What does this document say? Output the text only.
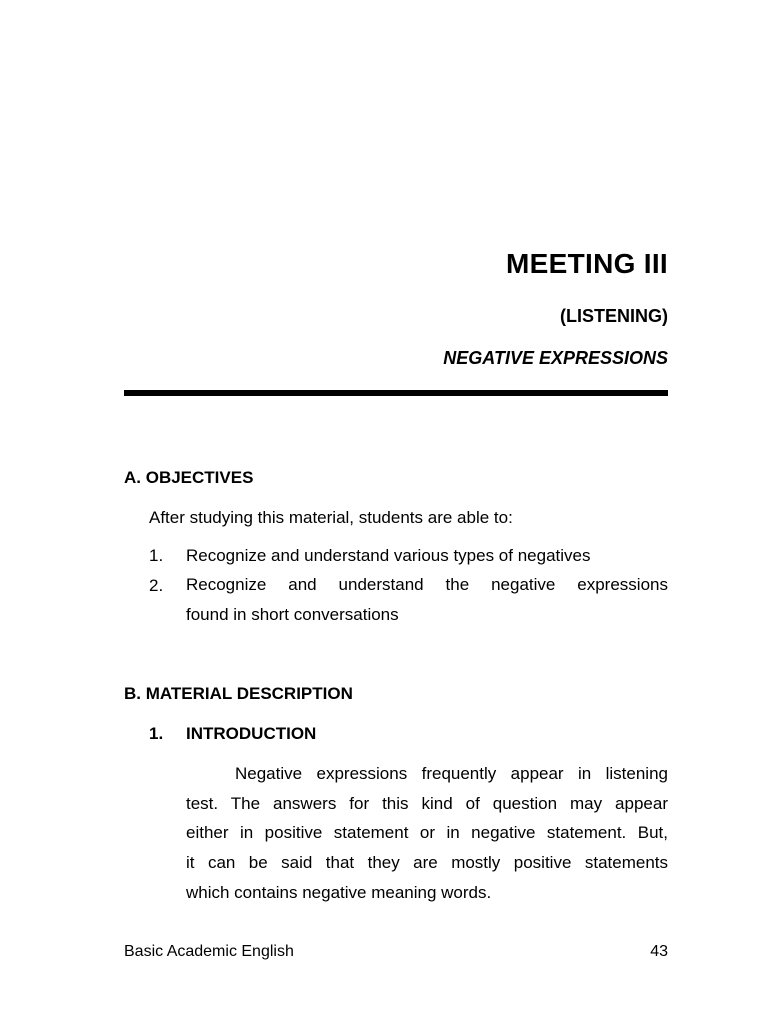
MEETING III
(LISTENING)
NEGATIVE EXPRESSIONS
A. OBJECTIVES
After studying this material, students are able to:
1. Recognize and understand various types of negatives
2. Recognize and understand the negative expressions
found in short conversations
B. MATERIAL DESCRIPTION
1. INTRODUCTION
Negative expressions frequently appear in listening
test. The answers for this kind of question may appear
either in positive statement or in negative statement. But,
it can be said that they are mostly positive statements
which contains negative meaning words.
Basic Academic English	43
